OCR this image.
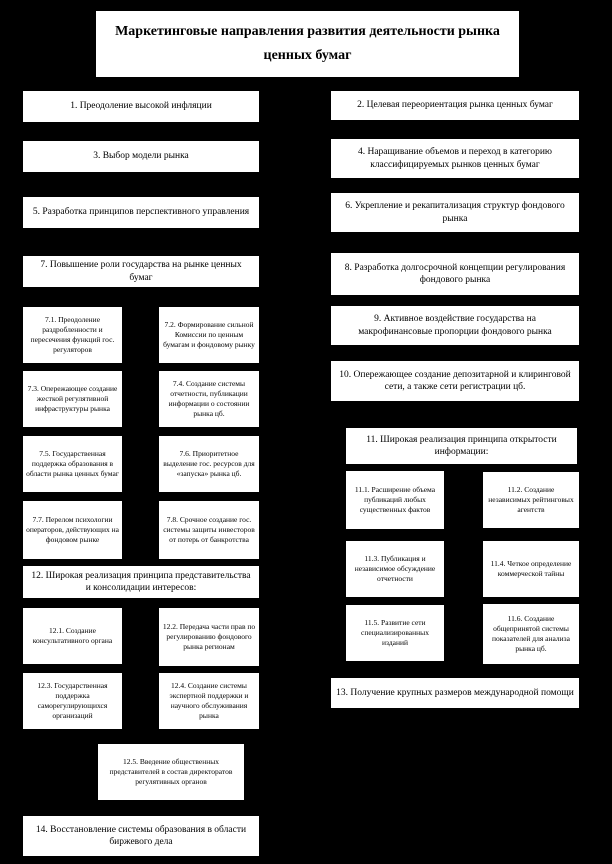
Маркетинговые направления развития деятельности рынка ценных бумаг
1. Преодоление высокой инфляции
3. Выбор модели рынка
5. Разработка принципов перспективного управления
7. Повышение роли государства на рынке ценных бумаг
2. Целевая переориентация рынка ценных бумаг
4. Наращивание объемов и переход в категорию классифицируемых рынков ценных бумаг
6. Укрепление и рекапитализация структур фондового рынка
8. Разработка долгосрочной концепции регулирования фондового рынка
9. Активное воздействие государства на макрофинансовые пропорции фондового рынка
10. Опережающее создание депозитарной и клиринговой сети, а также сети регистрации цб.
7.1. Преодоление раздробленности и пересечения функций гос. регуляторов
7.2. Формирование сильной Комиссии по ценным бумагам и фондовому рынку
7.3. Опережающее создание жесткой регулятивной инфраструктуры рынка
7.4. Создание системы отчетности, публикации информации о состоянии рынка цб.
7.5. Государственная поддержка образования в области рынка ценных бумаг
7.6. Приоритетное выделение гос. ресурсов для «запуска» рынка цб.
7.7. Перелом психологии операторов, действующих на фондовом рынке
7.8. Срочное создание гос. системы защиты инвесторов от потерь от банкротства
11. Широкая реализация принципа открытости информации:
11.1. Расширение объема публикаций любых существенных фактов
11.2. Создание независимых рейтинговых агентств
11.3. Публикация и независимое обсуждение отчетности
11.4. Четкое определение коммерческой тайны
11.5. Развитие сети специализированных изданий
11.6. Создание общепринятой системы показателей для анализа рынка цб.
12. Широкая реализация принципа представительства и консолидации интересов:
12.1. Создание консультативного органа
12.2. Передача части прав по регулированию фондового рынка регионам
12.3. Государственная поддержка саморегулирующихся организаций
12.4. Создание системы экспертной поддержки и научного обслуживания рынка
12.5. Введение общественных представителей в состав директоратов регулятивных органов
13. Получение крупных размеров международной помощи
14. Восстановление системы образования в области биржевого дела
